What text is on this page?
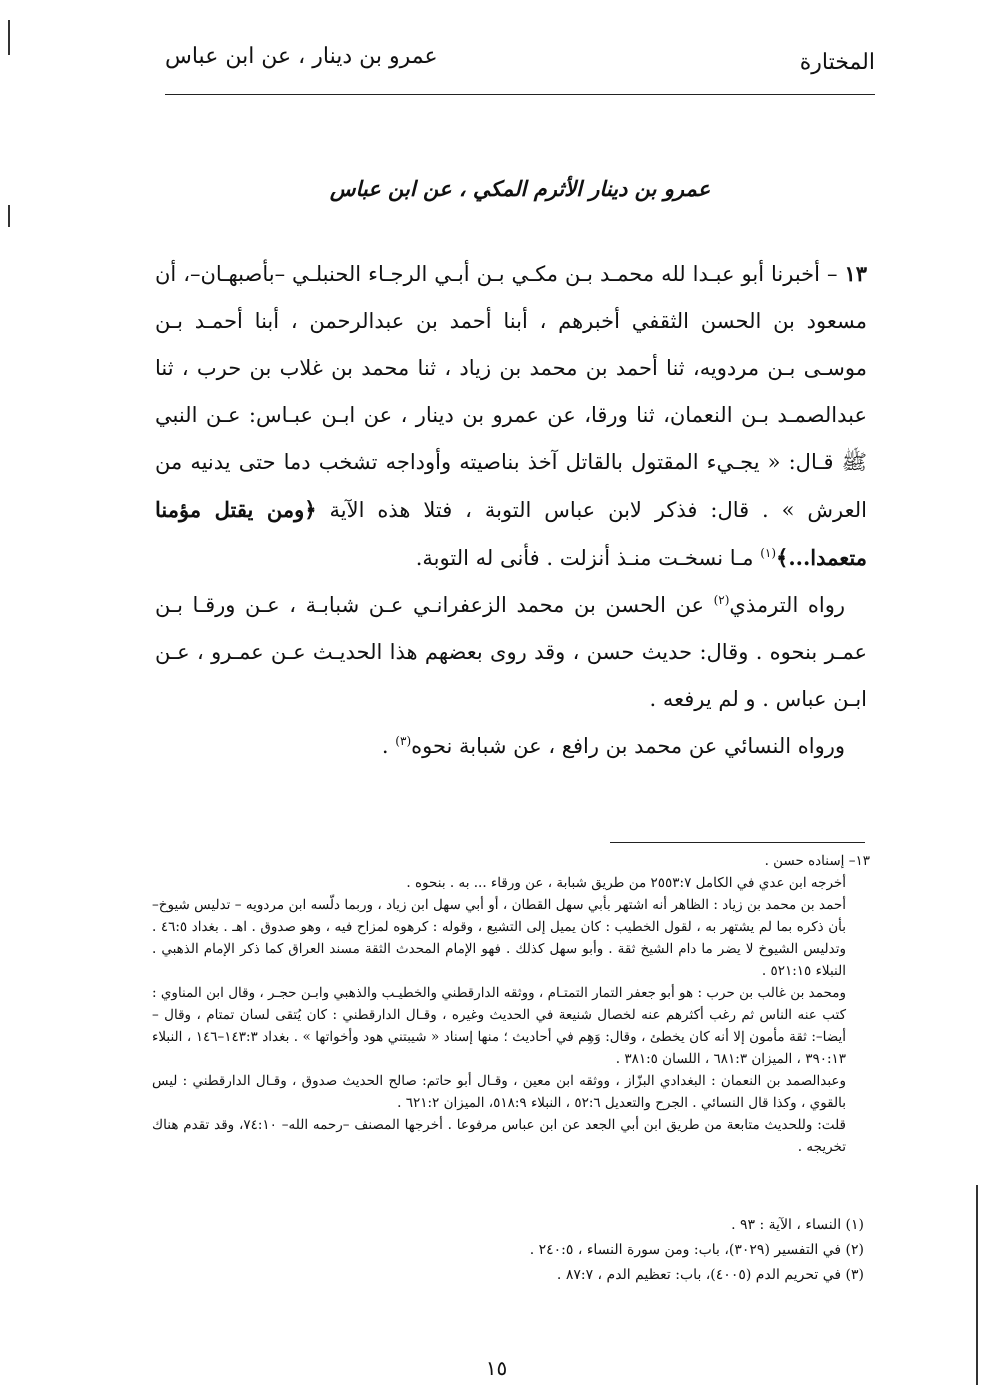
المختارة
عمرو بن دينار ، عن ابن عباس
عمرو بن دينار الأثرم المكي ، عن ابن عباس

١٣ – أخبرنا أبو عبـدا لله محمـد بـن مكـي بـن أبـي الرجـاء الحنبلـي –بأصبهـان–، أن مسعود بن الحسن الثقفي أخبرهم ، أبنا أحمد بن عبدالرحمن ، أبنا أحمـد بـن موسـى بـن مردويه، ثنا أحمد بن محمد بن زياد ، ثنا محمد بن غلاب بن حرب ، ثنا عبدالصمـد بـن النعمان، ثنا ورقا، عن عمرو بن دينار ، عن ابـن عبـاس: عـن النبي ﷺ قـال: « يجـيء المقتول بالقاتل آخذ بناصيته وأوداجه تشخب دما حتى يدنيه من العرش » . قال: فذكر لابن عباس التوبة ، فتلا هذه الآية ﴿ومن يقتل مؤمنا متعمدا...﴾$^{(١)}$ مـا نسخـت منـذ أنزلت . فأنى له التوبة.

رواه الترمذي$^{(٢)}$ عن الحسن بن محمد الزعفرانـي عـن شبابـة ، عـن ورقـا بـن عمـر بنحوه . وقال: حديث حسن ، وقد روى بعضهم هذا الحديـث عـن عمـرو ، عـن ابـن عباس . و لم يرفعه .

ورواه النسائي عن محمد بن رافع ، عن شبابة نحوه$^{(٣)}$ .

١٣– إسناده حسن .

أخرجه ابن عدي في الكامل ٢٥٥٣:٧ من طريق شبابة ، عن ورقاء ... به . بنحوه .

أحمد بن محمد بن زياد : الظاهر أنه اشتهر بأبي سهل القطان ، أو أبي سهل ابن زياد ، وربما دلّسه ابن مردويه – تدليس شيوخ– بأن ذكره بما لم يشتهر به ، لقول الخطيب : كان يميل إلى التشيع ، وقوله : كرهوه لمزاح فيه ، وهو صدوق . اهـ . بغداد ٤٦:٥ . وتدليس الشيوخ لا يضر ما دام الشيخ ثقة . وأبو سهل كذلك . فهو الإمام المحدث الثقة مسند العراق كما ذكر الإمام الذهبي . النبلاء ٥٢١:١٥ .

ومحمد بن غالب بن حرب : هو أبو جعفر التمار التمتـام ، ووثقه الدارقطني والخطيـب والذهبي وابـن حجـر ، وقال ابن المناوي : كتب عنه الناس ثم رغب أكثرهم عنه لخصال شنيعة في الحديث وغيره ، وقـال الدارقطني : كان يُتقى لسان تمتام ، وقال –أيضا–: ثقة مأمون إلا أنه كان يخطئ ، وقال: وَهِم في أحاديث ؛ منها إسناد « شيبتني هود وأخواتها » . بغداد ١٤٣:٣–١٤٦ ، النبلاء ٣٩٠:١٣ ، الميزان ٦٨١:٣ ، اللسان ٣٨١:٥ .

وعبدالصمد بن النعمان : البغدادي البزّاز ، ووثقه ابن معين ، وقـال أبو حاتم: صالح الحديث صدوق ، وقـال الدارقطني : ليس بالقوي ، وكذا قال النسائي . الجرح والتعديل ٥٢:٦ ، النبلاء ٥١٨:٩، الميزان ٦٢١:٢ .

قلت: وللحديث متابعة من طريق ابن أبي الجعد عن ابن عباس مرفوعا . أخرجها المصنف –رحمه الله– ٧٤:١٠، وقد تقدم هناك تخريجه .

(١) النساء ، الآية : ٩٣ .

(٢) في التفسير (٣٠٢٩)، باب: ومن سورة النساء ، ٢٤٠:٥ .

(٣) في تحريم الدم (٤٠٠٥)، باب: تعظيم الدم ، ٨٧:٧ .

١٥
